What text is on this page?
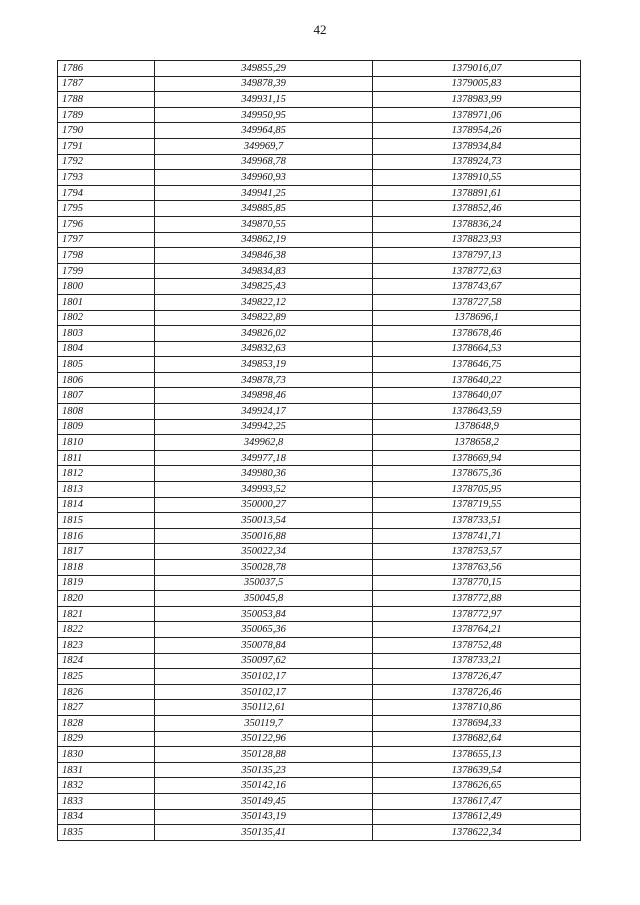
42
1786	349855,29	1379016,07
1787	349878,39	1379005,83
1788	349931,15	1378983,99
1789	349950,95	1378971,06
1790	349964,85	1378954,26
1791	349969,7	1378934,84
1792	349968,78	1378924,73
1793	349960,93	1378910,55
1794	349941,25	1378891,61
1795	349885,85	1378852,46
1796	349870,55	1378836,24
1797	349862,19	1378823,93
1798	349846,38	1378797,13
1799	349834,83	1378772,63
1800	349825,43	1378743,67
1801	349822,12	1378727,58
1802	349822,89	1378696,1
1803	349826,02	1378678,46
1804	349832,63	1378664,53
1805	349853,19	1378646,75
1806	349878,73	1378640,22
1807	349898,46	1378640,07
1808	349924,17	1378643,59
1809	349942,25	1378648,9
1810	349962,8	1378658,2
1811	349977,18	1378669,94
1812	349980,36	1378675,36
1813	349993,52	1378705,95
1814	350000,27	1378719,55
1815	350013,54	1378733,51
1816	350016,88	1378741,71
1817	350022,34	1378753,57
1818	350028,78	1378763,56
1819	350037,5	1378770,15
1820	350045,8	1378772,88
1821	350053,84	1378772,97
1822	350065,36	1378764,21
1823	350078,84	1378752,48
1824	350097,62	1378733,21
1825	350102,17	1378726,47
1826	350102,17	1378726,46
1827	350112,61	1378710,86
1828	350119,7	1378694,33
1829	350122,96	1378682,64
1830	350128,88	1378655,13
1831	350135,23	1378639,54
1832	350142,16	1378626,65
1833	350149,45	1378617,47
1834	350143,19	1378612,49
1835	350135,41	1378622,34
